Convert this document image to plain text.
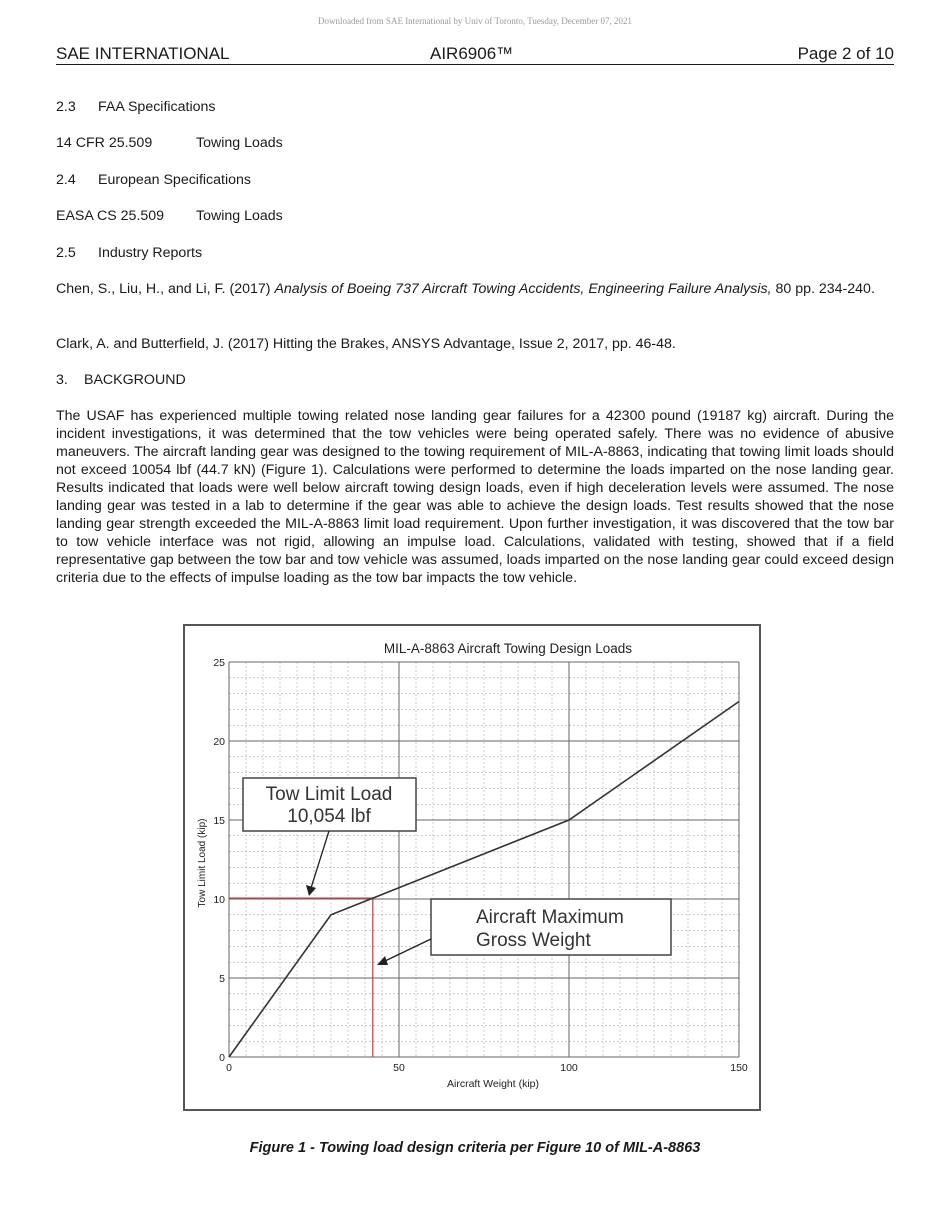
Downloaded from SAE International by Univ of Toronto, Tuesday, December 07, 2021
SAE INTERNATIONAL	AIR6906™	Page 2 of 10

2.3 FAA Specifications

14 CFR 25.509	Towing Loads

2.4 European Specifications

EASA CS 25.509 Towing Loads

2.5 Industry Reports

Chen, S., Liu, H., and Li, F. (2017) Analysis of Boeing 737 Aircraft Towing Accidents, Engineering Failure Analysis, 80 pp. 234-240.

Clark, A. and Butterfield, J. (2017) Hitting the Brakes, ANSYS Advantage, Issue 2, 2017, pp. 46-48.

3. BACKGROUND

The USAF has experienced multiple towing related nose landing gear failures for a 42300 pound (19187 kg) aircraft. During the incident investigations, it was determined that the tow vehicles were being operated safely. There was no evidence of abusive maneuvers. The aircraft landing gear was designed to the towing requirement of MIL-A-8863, indicating that towing limit loads should not exceed 10054 lbf (44.7 kN) (Figure 1). Calculations were performed to determine the loads imparted on the nose landing gear. Results indicated that loads were well below aircraft towing design loads, even if high deceleration levels were assumed. The nose landing gear was tested in a lab to determine if the gear was able to achieve the design loads. Test results showed that the nose landing gear strength exceeded the MIL-A-8863 limit load requirement. Upon further investigation, it was discovered that the tow bar to tow vehicle interface was not rigid, allowing an impulse load. Calculations, validated with testing, showed that if a field representative gap between the tow bar and tow vehicle was assumed, loads imparted on the nose landing gear could exceed design criteria due to the effects of impulse loading as the tow bar impacts the tow vehicle.

MIL-A-8863 Aircraft Towing Design Loads
0
5
10
15
20
25
0	50	100	150
Aircraft Weight (kip)
Tow Limit Load (kip)
Tow Limit Load
10,054 lbf
Aircraft Maximum
Gross Weight
Figure 1 - Towing load design criteria per Figure 10 of MIL-A-8863
